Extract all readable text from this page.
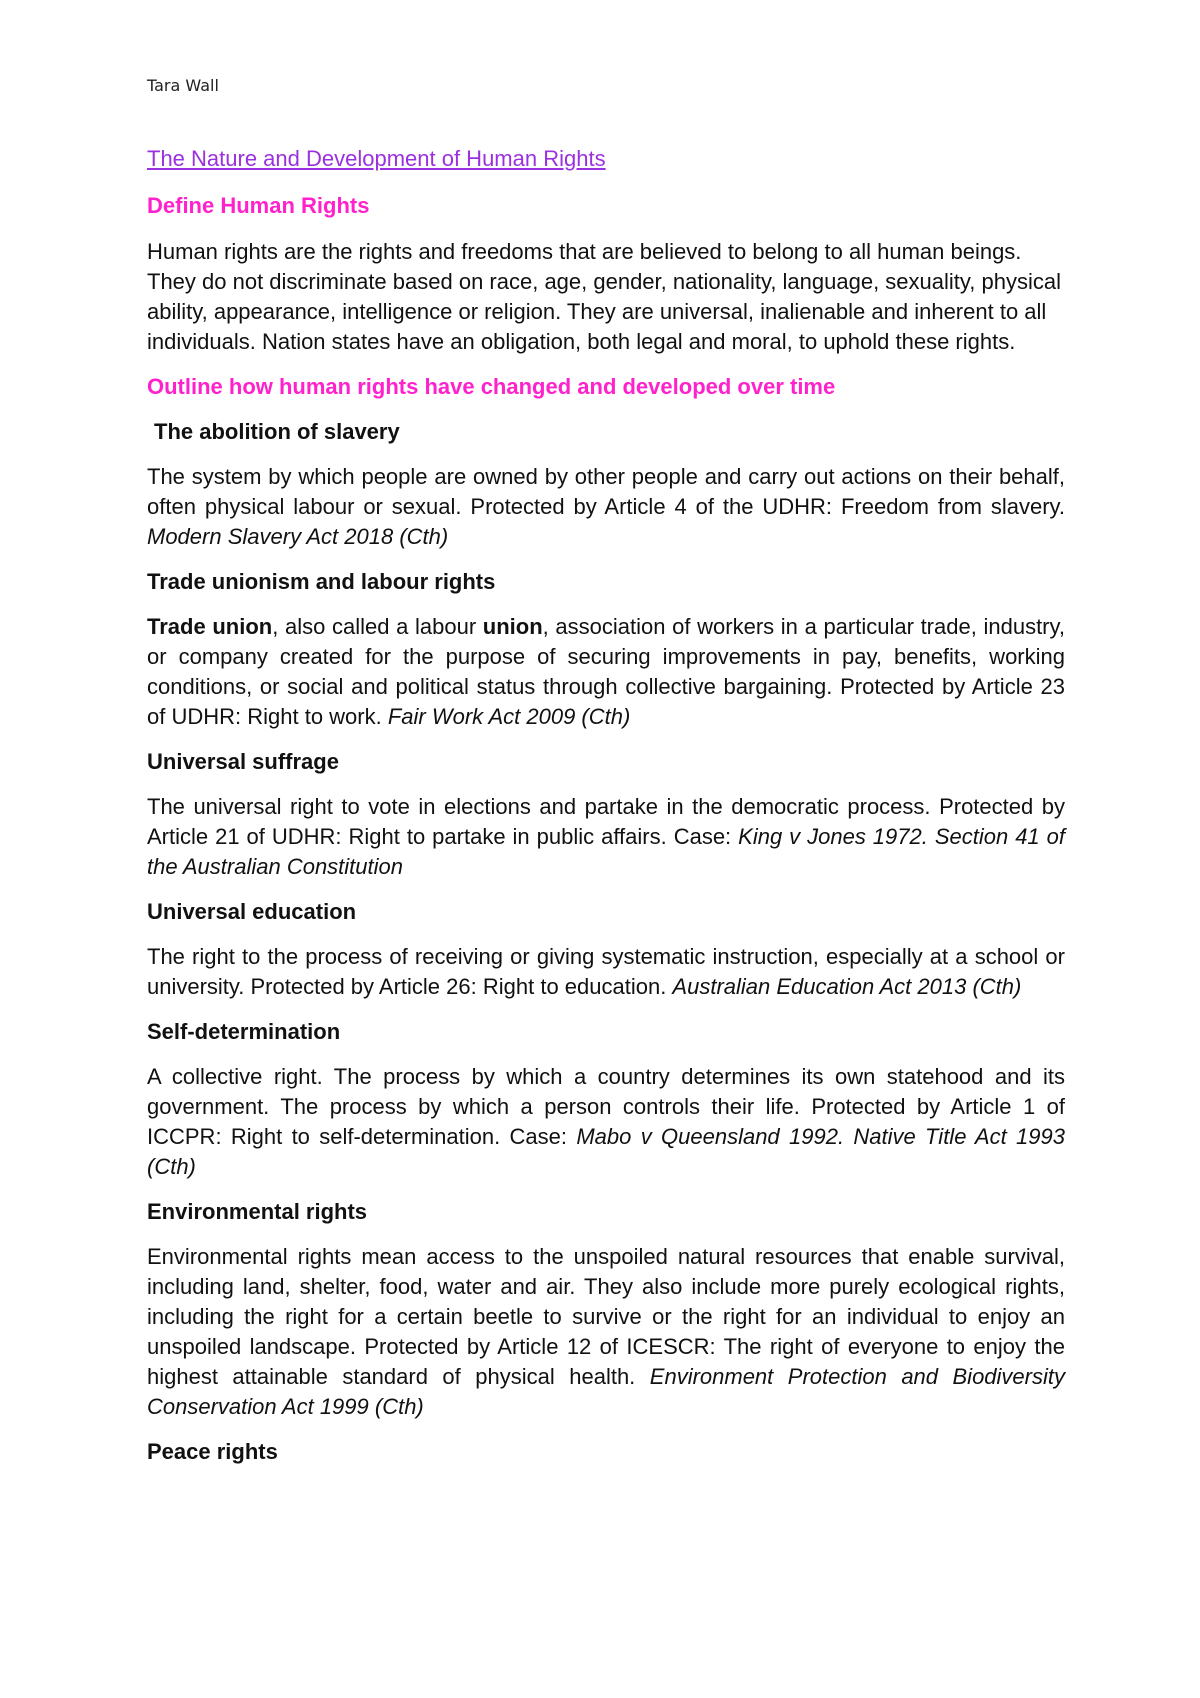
Tara Wall
The Nature and Development of Human Rights
Define Human Rights

Human rights are the rights and freedoms that are believed to belong to all human beings. They do not discriminate based on race, age, gender, nationality, language, sexuality, physical ability, appearance, intelligence or religion. They are universal, inalienable and inherent to all individuals. Nation states have an obligation, both legal and moral, to uphold these rights.

Outline how human rights have changed and developed over time
The abolition of slavery

The system by which people are owned by other people and carry out actions on their behalf, often physical labour or sexual. Protected by Article 4 of the UDHR: Freedom from slavery. Modern Slavery Act 2018 (Cth)

Trade unionism and labour rights

Trade union, also called a labour union, association of workers in a particular trade, industry, or company created for the purpose of securing improvements in pay, benefits, working conditions, or social and political status through collective bargaining. Protected by Article 23 of UDHR: Right to work. Fair Work Act 2009 (Cth)

Universal suffrage

The universal right to vote in elections and partake in the democratic process. Protected by Article 21 of UDHR: Right to partake in public affairs. Case: King v Jones 1972. Section 41 of the Australian Constitution

Universal education

The right to the process of receiving or giving systematic instruction, especially at a school or university. Protected by Article 26: Right to education. Australian Education Act 2013 (Cth)

Self-determination

A collective right. The process by which a country determines its own statehood and its government. The process by which a person controls their life. Protected by Article 1 of ICCPR: Right to self-determination. Case: Mabo v Queensland 1992. Native Title Act 1993 (Cth)

Environmental rights

Environmental rights mean access to the unspoiled natural resources that enable survival, including land, shelter, food, water and air. They also include more purely ecological rights, including the right for a certain beetle to survive or the right for an individual to enjoy an unspoiled landscape. Protected by Article 12 of ICESCR: The right of everyone to enjoy the highest attainable standard of physical health. Environment Protection and Biodiversity Conservation Act 1999 (Cth)

Peace rights
